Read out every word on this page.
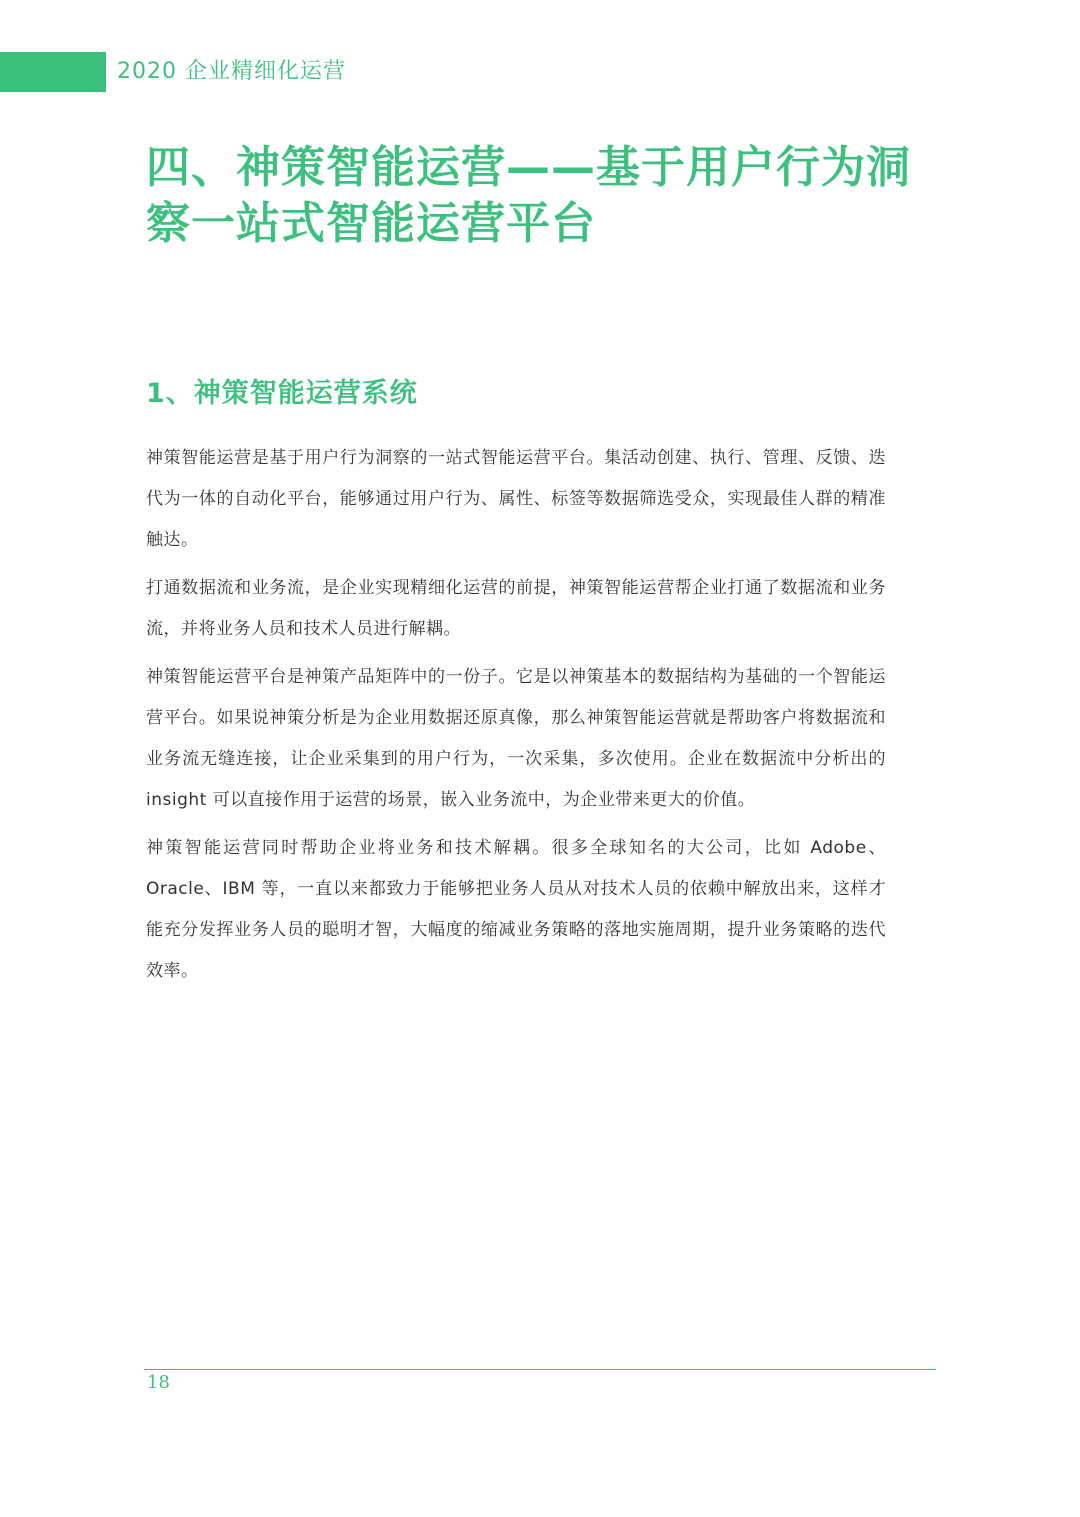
2020 企业精细化运营
四、神策智能运营——基于用户行为洞察一站式智能运营平台
1、神策智能运营系统

神策智能运营是基于用户行为洞察的一站式智能运营平台。集活动创建、执行、管理、反馈、迭代为一体的自动化平台，能够通过用户行为、属性、标签等数据筛选受众，实现最佳人群的精准触达。

打通数据流和业务流，是企业实现精细化运营的前提，神策智能运营帮企业打通了数据流和业务流，并将业务人员和技术人员进行解耦。

神策智能运营平台是神策产品矩阵中的一份子。它是以神策基本的数据结构为基础的一个智能运营平台。如果说神策分析是为企业用数据还原真像，那么神策智能运营就是帮助客户将数据流和业务流无缝连接，让企业采集到的用户行为，一次采集，多次使用。企业在数据流中分析出的 insight 可以直接作用于运营的场景，嵌入业务流中，为企业带来更大的价值。

神策智能运营同时帮助企业将业务和技术解耦。很多全球知名的大公司，比如 Adobe、Oracle、IBM 等，一直以来都致力于能够把业务人员从对技术人员的依赖中解放出来，这样才能充分发挥业务人员的聪明才智，大幅度的缩减业务策略的落地实施周期，提升业务策略的迭代效率。

18
